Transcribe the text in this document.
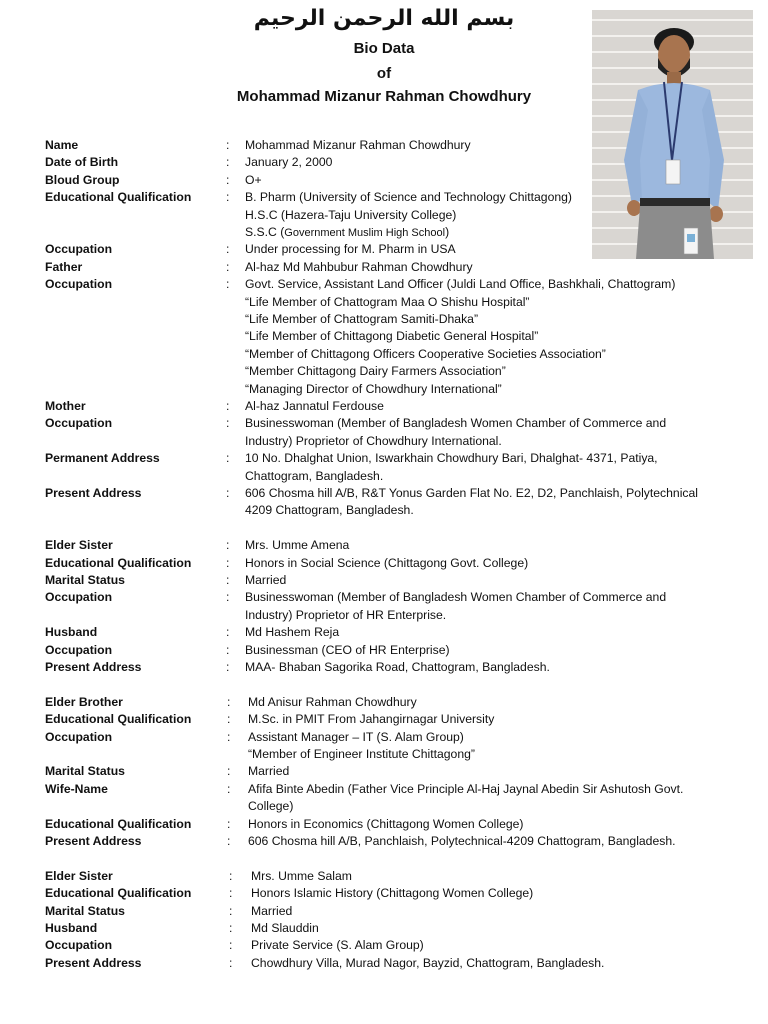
بسم الله الرحمن الرحيم
Bio Data
of
Mohammad Mizanur Rahman Chowdhury
Name	:	Mohammad Mizanur Rahman Chowdhury
Date of Birth	:	January 2, 2000
Bloud Group	:	O+
Educational Qualification	:	B. Pharm (University of Science and Technology Chittagong)
H.S.C (Hazera-Taju University College)
S.S.C (Government Muslim High School)
Occupation	:	Under processing for M. Pharm in USA
Father	:	Al-haz Md Mahbubur Rahman Chowdhury
Occupation	:	Govt. Service, Assistant Land Officer (Juldi Land Office, Bashkhali, Chattogram)
“Life Member of Chattogram Maa O Shishu Hospital”
“Life Member of Chattogram Samiti-Dhaka”
“Life Member of Chittagong Diabetic General Hospital”
“Member of Chittagong Officers Cooperative Societies Association”
“Member Chittagong Dairy Farmers Association”
“Managing Director of Chowdhury International”
Mother	:	Al-haz Jannatul Ferdouse
Occupation	:	Businesswoman (Member of Bangladesh Women Chamber of Commerce and
Industry) Proprietor of Chowdhury International.
Permanent Address	:	10 No. Dhalghat Union, Iswarkhain Chowdhury Bari, Dhalghat- 4371, Patiya,
Chattogram, Bangladesh.
Present Address	:	606 Chosma hill A/B, R&T Yonus Garden Flat No. E2, D2, Panchlaish, Polytechnical
4209 Chattogram, Bangladesh.
Elder Sister	:	Mrs. Umme Amena
Educational Qualification	:	Honors in Social Science (Chittagong Govt. College)
Marital Status	:	Married
Occupation	:	Businesswoman (Member of Bangladesh Women Chamber of Commerce and
Industry) Proprietor of HR Enterprise.
Husband	:	Md Hashem Reja
Occupation	:	Businessman (CEO of HR Enterprise)
Present Address	:	MAA- Bhaban Sagorika Road, Chattogram, Bangladesh.
Elder Brother	:	Md Anisur Rahman Chowdhury
Educational Qualification	:	M.Sc. in PMIT From Jahangirnagar University
Occupation	:	Assistant Manager – IT (S. Alam Group)
“Member of Engineer Institute Chittagong”
Marital Status	:	Married
Wife-Name	:	Afifa Binte Abedin (Father Vice Principle Al-Haj Jaynal Abedin Sir Ashutosh Govt.
College)
Educational Qualification	:	Honors in Economics (Chittagong Women College)
Present Address	:	606 Chosma hill A/B, Panchlaish, Polytechnical-4209 Chattogram, Bangladesh.
Elder Sister	:	Mrs. Umme Salam
Educational Qualification	:	Honors Islamic History (Chittagong Women College)
Marital Status	:	Married
Husband	:	Md Slauddin
Occupation	:	Private Service (S. Alam Group)
Present Address	:	Chowdhury Villa, Murad Nagor, Bayzid, Chattogram, Bangladesh.
